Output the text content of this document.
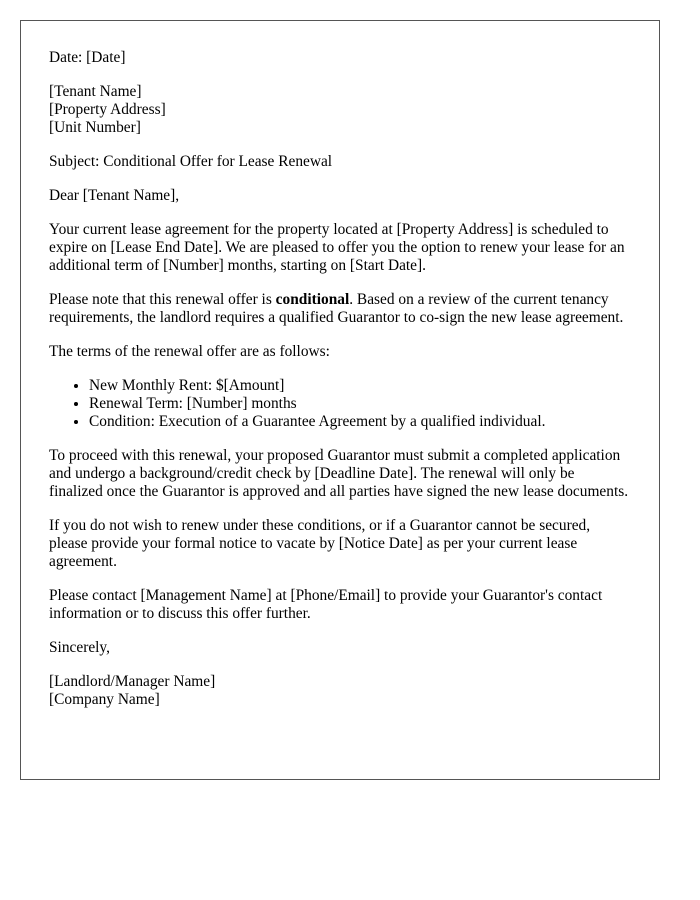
Date: [Date]

[Tenant Name]
[Property Address]
[Unit Number]

Subject: Conditional Offer for Lease Renewal

Dear [Tenant Name],

Your current lease agreement for the property located at [Property Address] is scheduled to expire on [Lease End Date]. We are pleased to offer you the option to renew your lease for an additional term of [Number] months, starting on [Start Date].

Please note that this renewal offer is conditional. Based on a review of the current tenancy requirements, the landlord requires a qualified Guarantor to co-sign the new lease agreement.

The terms of the renewal offer are as follows:

• New Monthly Rent: $[Amount]
• Renewal Term: [Number] months
• Condition: Execution of a Guarantee Agreement by a qualified individual.

To proceed with this renewal, your proposed Guarantor must submit a completed application and undergo a background/credit check by [Deadline Date]. The renewal will only be finalized once the Guarantor is approved and all parties have signed the new lease documents.

If you do not wish to renew under these conditions, or if a Guarantor cannot be secured, please provide your formal notice to vacate by [Notice Date] as per your current lease agreement.

Please contact [Management Name] at [Phone/Email] to provide your Guarantor's contact information or to discuss this offer further.

Sincerely,

[Landlord/Manager Name]
[Company Name]
